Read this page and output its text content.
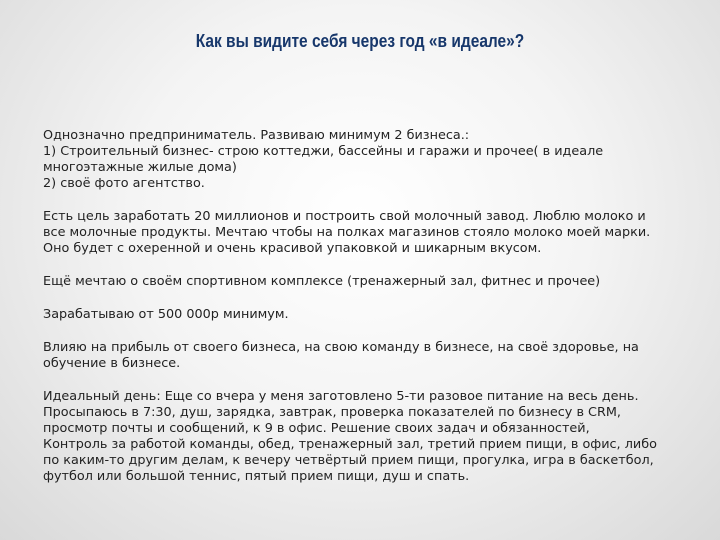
Как вы видите себя через год «в идеале»?
Однозначно предприниматель. Развиваю минимум 2 бизнеса.:
1) Строительный бизнес- строю коттеджи, бассейны и гаражи и прочее( в идеале
многоэтажные жилые дома)
2) своё фото агентство.
Есть цель заработать 20 миллионов и построить свой молочный завод. Люблю молоко и
все молочные продукты. Мечтаю чтобы на полках магазинов стояло молоко моей марки.
Оно будет с охеренной и очень красивой упаковкой и шикарным вкусом.
Ещё мечтаю о своём спортивном комплексе (тренажерный зал, фитнес и прочее)
Зарабатываю от 500 000р минимум.
Влияю на прибыль от своего бизнеса, на свою команду в бизнесе, на своё здоровье, на
обучение в бизнесе.
Идеальный день: Еще со вчера у меня заготовлено 5-ти разовое питание на весь день.
Просыпаюсь в 7:30, душ, зарядка, завтрак, проверка показателей по бизнесу в CRM,
просмотр почты и сообщений, к 9 в офис. Решение своих задач и обязанностей,
Контроль за работой команды, обед, тренажерный зал, третий прием пищи, в офис, либо
по каким-то другим делам, к вечеру четвёртый прием пищи, прогулка, игра в баскетбол,
футбол или большой теннис, пятый прием пищи, душ и спать.
